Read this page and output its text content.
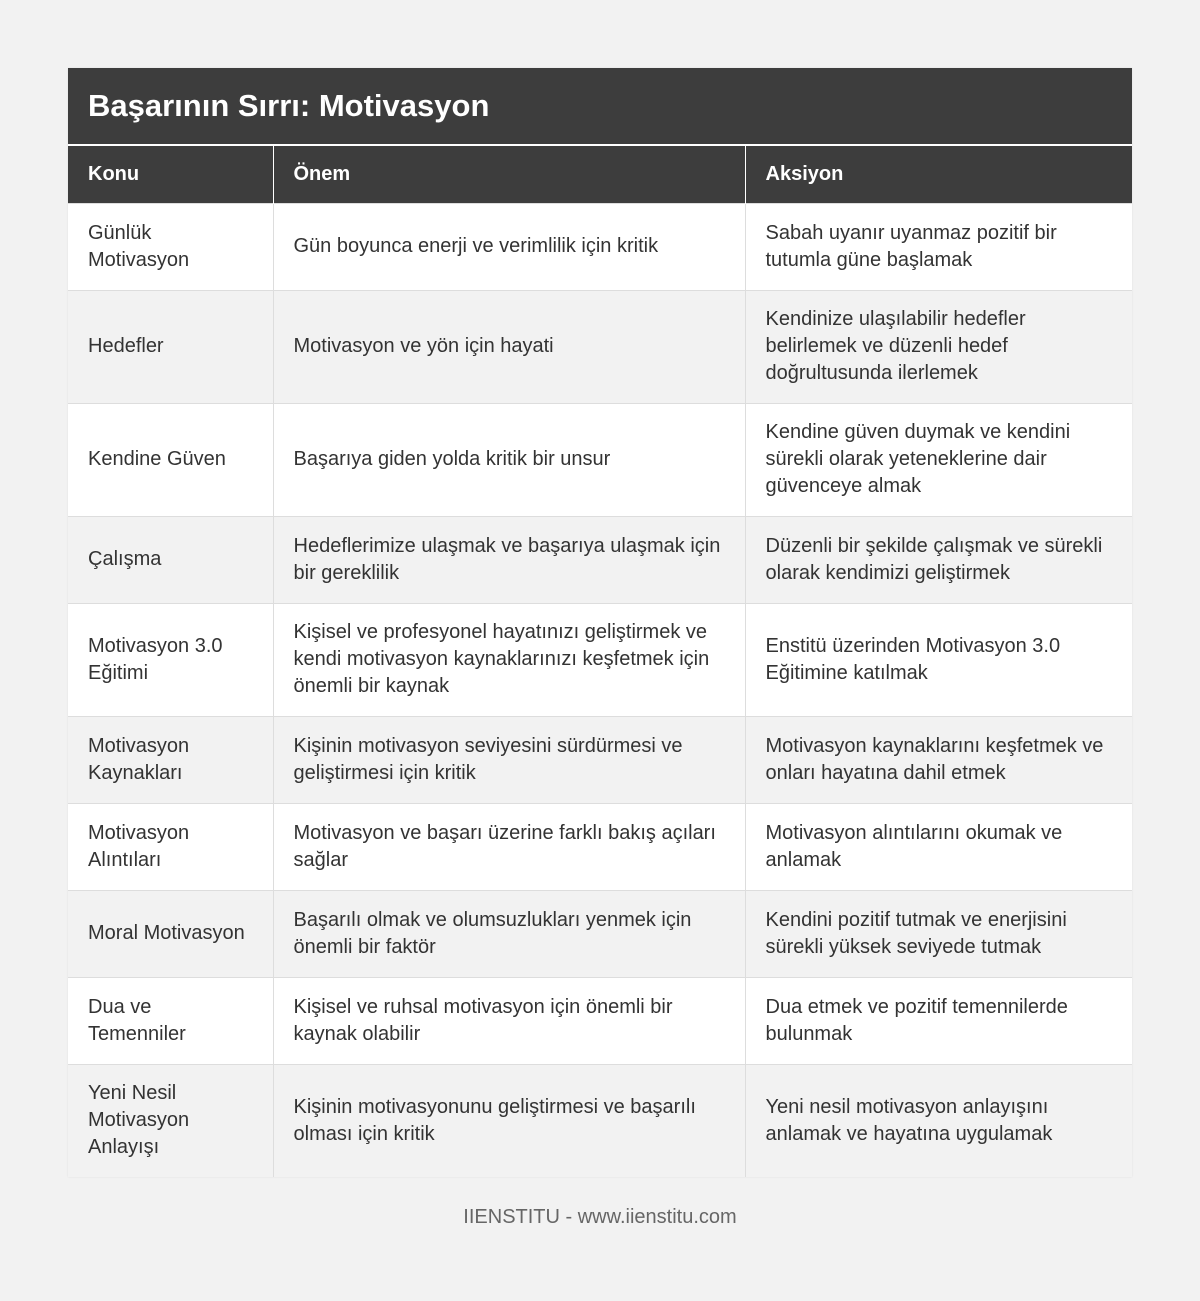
Başarının Sırrı: Motivasyon
Konu	Önem	Aksiyon
Günlük Motivasyon	Gün boyunca enerji ve verimlilik için kritik	Sabah uyanır uyanmaz pozitif bir tutumla güne başlamak
Hedefler	Motivasyon ve yön için hayati	Kendinize ulaşılabilir hedefler belirlemek ve düzenli hedef doğrultusunda ilerlemek
Kendine Güven	Başarıya giden yolda kritik bir unsur	Kendine güven duymak ve kendini sürekli olarak yeteneklerine dair güvenceye almak
Çalışma	Hedeflerimize ulaşmak ve başarıya ulaşmak için bir gereklilik	Düzenli bir şekilde çalışmak ve sürekli olarak kendimizi geliştirmek
Motivasyon 3.0 Eğitimi	Kişisel ve profesyonel hayatınızı geliştirmek ve kendi motivasyon kaynaklarınızı keşfetmek için önemli bir kaynak	Enstitü üzerinden Motivasyon 3.0 Eğitimine katılmak
Motivasyon Kaynakları	Kişinin motivasyon seviyesini sürdürmesi ve geliştirmesi için kritik	Motivasyon kaynaklarını keşfetmek ve onları hayatına dahil etmek
Motivasyon Alıntıları	Motivasyon ve başarı üzerine farklı bakış açıları sağlar	Motivasyon alıntılarını okumak ve anlamak
Moral Motivasyon	Başarılı olmak ve olumsuzlukları yenmek için önemli bir faktör	Kendini pozitif tutmak ve enerjisini sürekli yüksek seviyede tutmak
Dua ve Temenniler	Kişisel ve ruhsal motivasyon için önemli bir kaynak olabilir	Dua etmek ve pozitif temennilerde bulunmak
Yeni Nesil Motivasyon Anlayışı	Kişinin motivasyonunu geliştirmesi ve başarılı olması için kritik	Yeni nesil motivasyon anlayışını anlamak ve hayatına uygulamak
IIENSTITU - www.iienstitu.com
